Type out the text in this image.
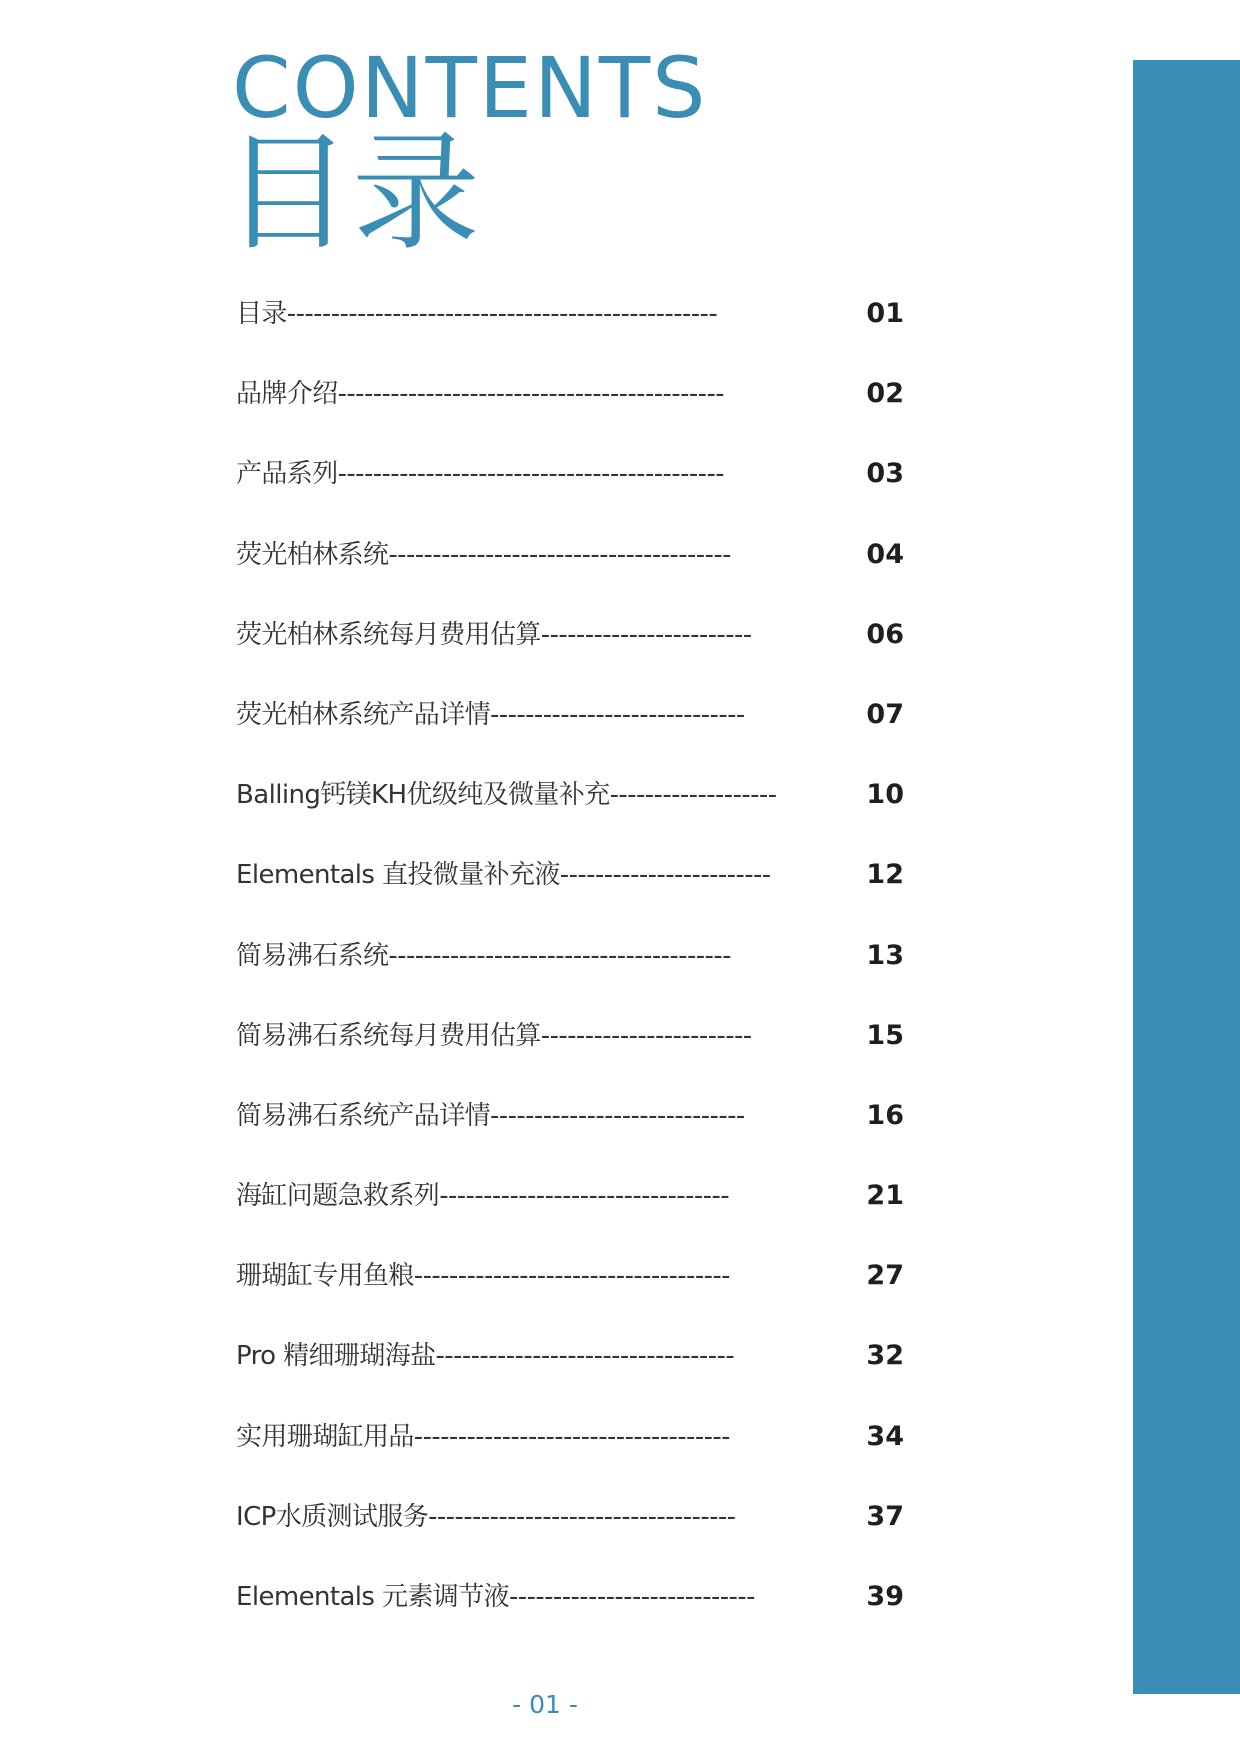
CONTENTS
目录
目录-------------------------------------------------	01
品牌介绍--------------------------------------------	02
产品系列--------------------------------------------	03
荧光柏林系统---------------------------------------	04
荧光柏林系统每月费用估算------------------------	06
荧光柏林系统产品详情-----------------------------	07
Balling钙镁KH优级纯及微量补充-------------------	10
Elementals 直投微量补充液------------------------	12
简易沸石系统---------------------------------------	13
简易沸石系统每月费用估算------------------------	15
简易沸石系统产品详情-----------------------------	16
海缸问题急救系列---------------------------------	21
珊瑚缸专用鱼粮------------------------------------	27
Pro 精细珊瑚海盐----------------------------------	32
实用珊瑚缸用品------------------------------------	34
ICP水质测试服务-----------------------------------	37
Elementals 元素调节液----------------------------	39
- 01 -
